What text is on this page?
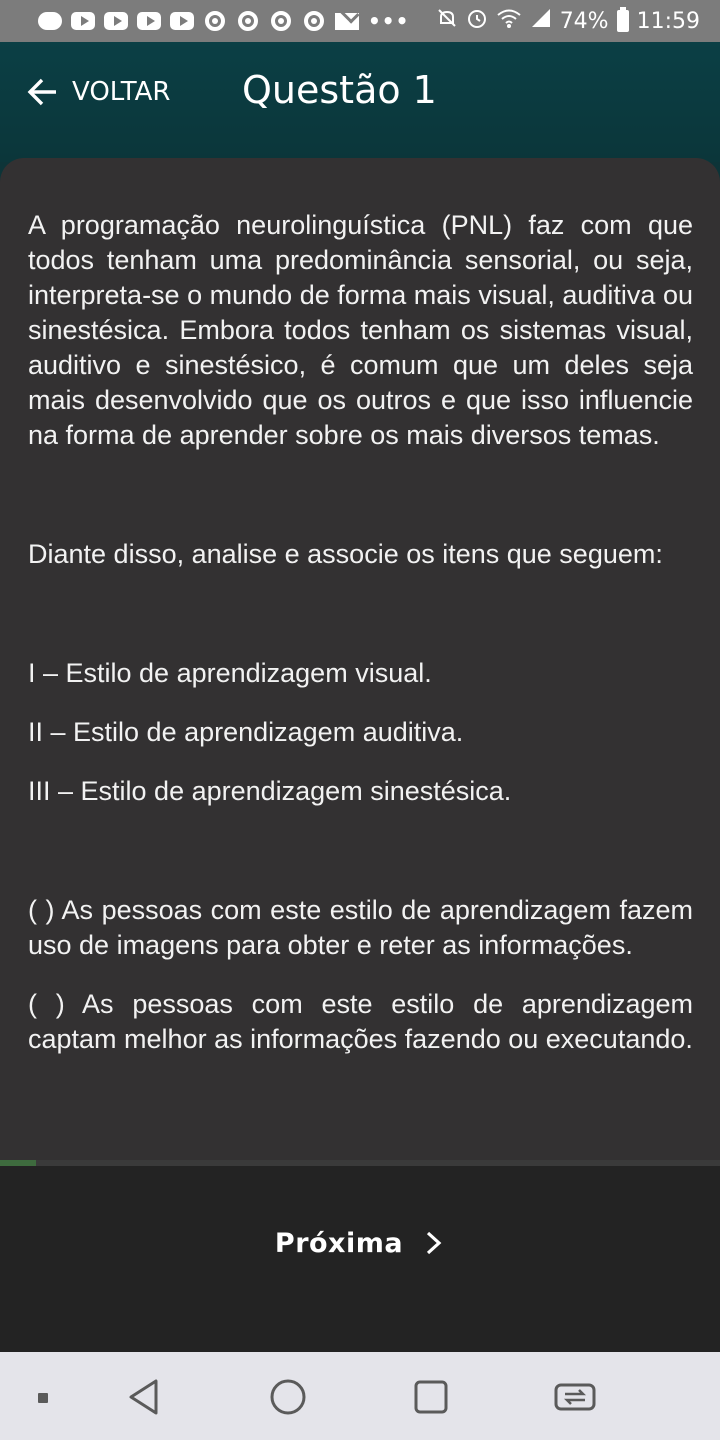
•••	74% 11:59
VOLTAR Questão 1

A programação neurolinguística (PNL) faz com que todos tenham uma predominância sensorial, ou seja, interpreta-se o mundo de forma mais visual, auditiva ou sinestésica. Embora todos tenham os sistemas visual, auditivo e sinestésico, é comum que um deles seja mais desenvolvido que os outros e que isso influencie na forma de aprender sobre os mais diversos temas.

Diante disso, analise e associe os itens que seguem:

I – Estilo de aprendizagem visual.

II – Estilo de aprendizagem auditiva.

III – Estilo de aprendizagem sinestésica.

( ) As pessoas com este estilo de aprendizagem fazem uso de imagens para obter e reter as informações.

( ) As pessoas com este estilo de aprendizagem captam melhor as informações fazendo ou executando.

Próxima
